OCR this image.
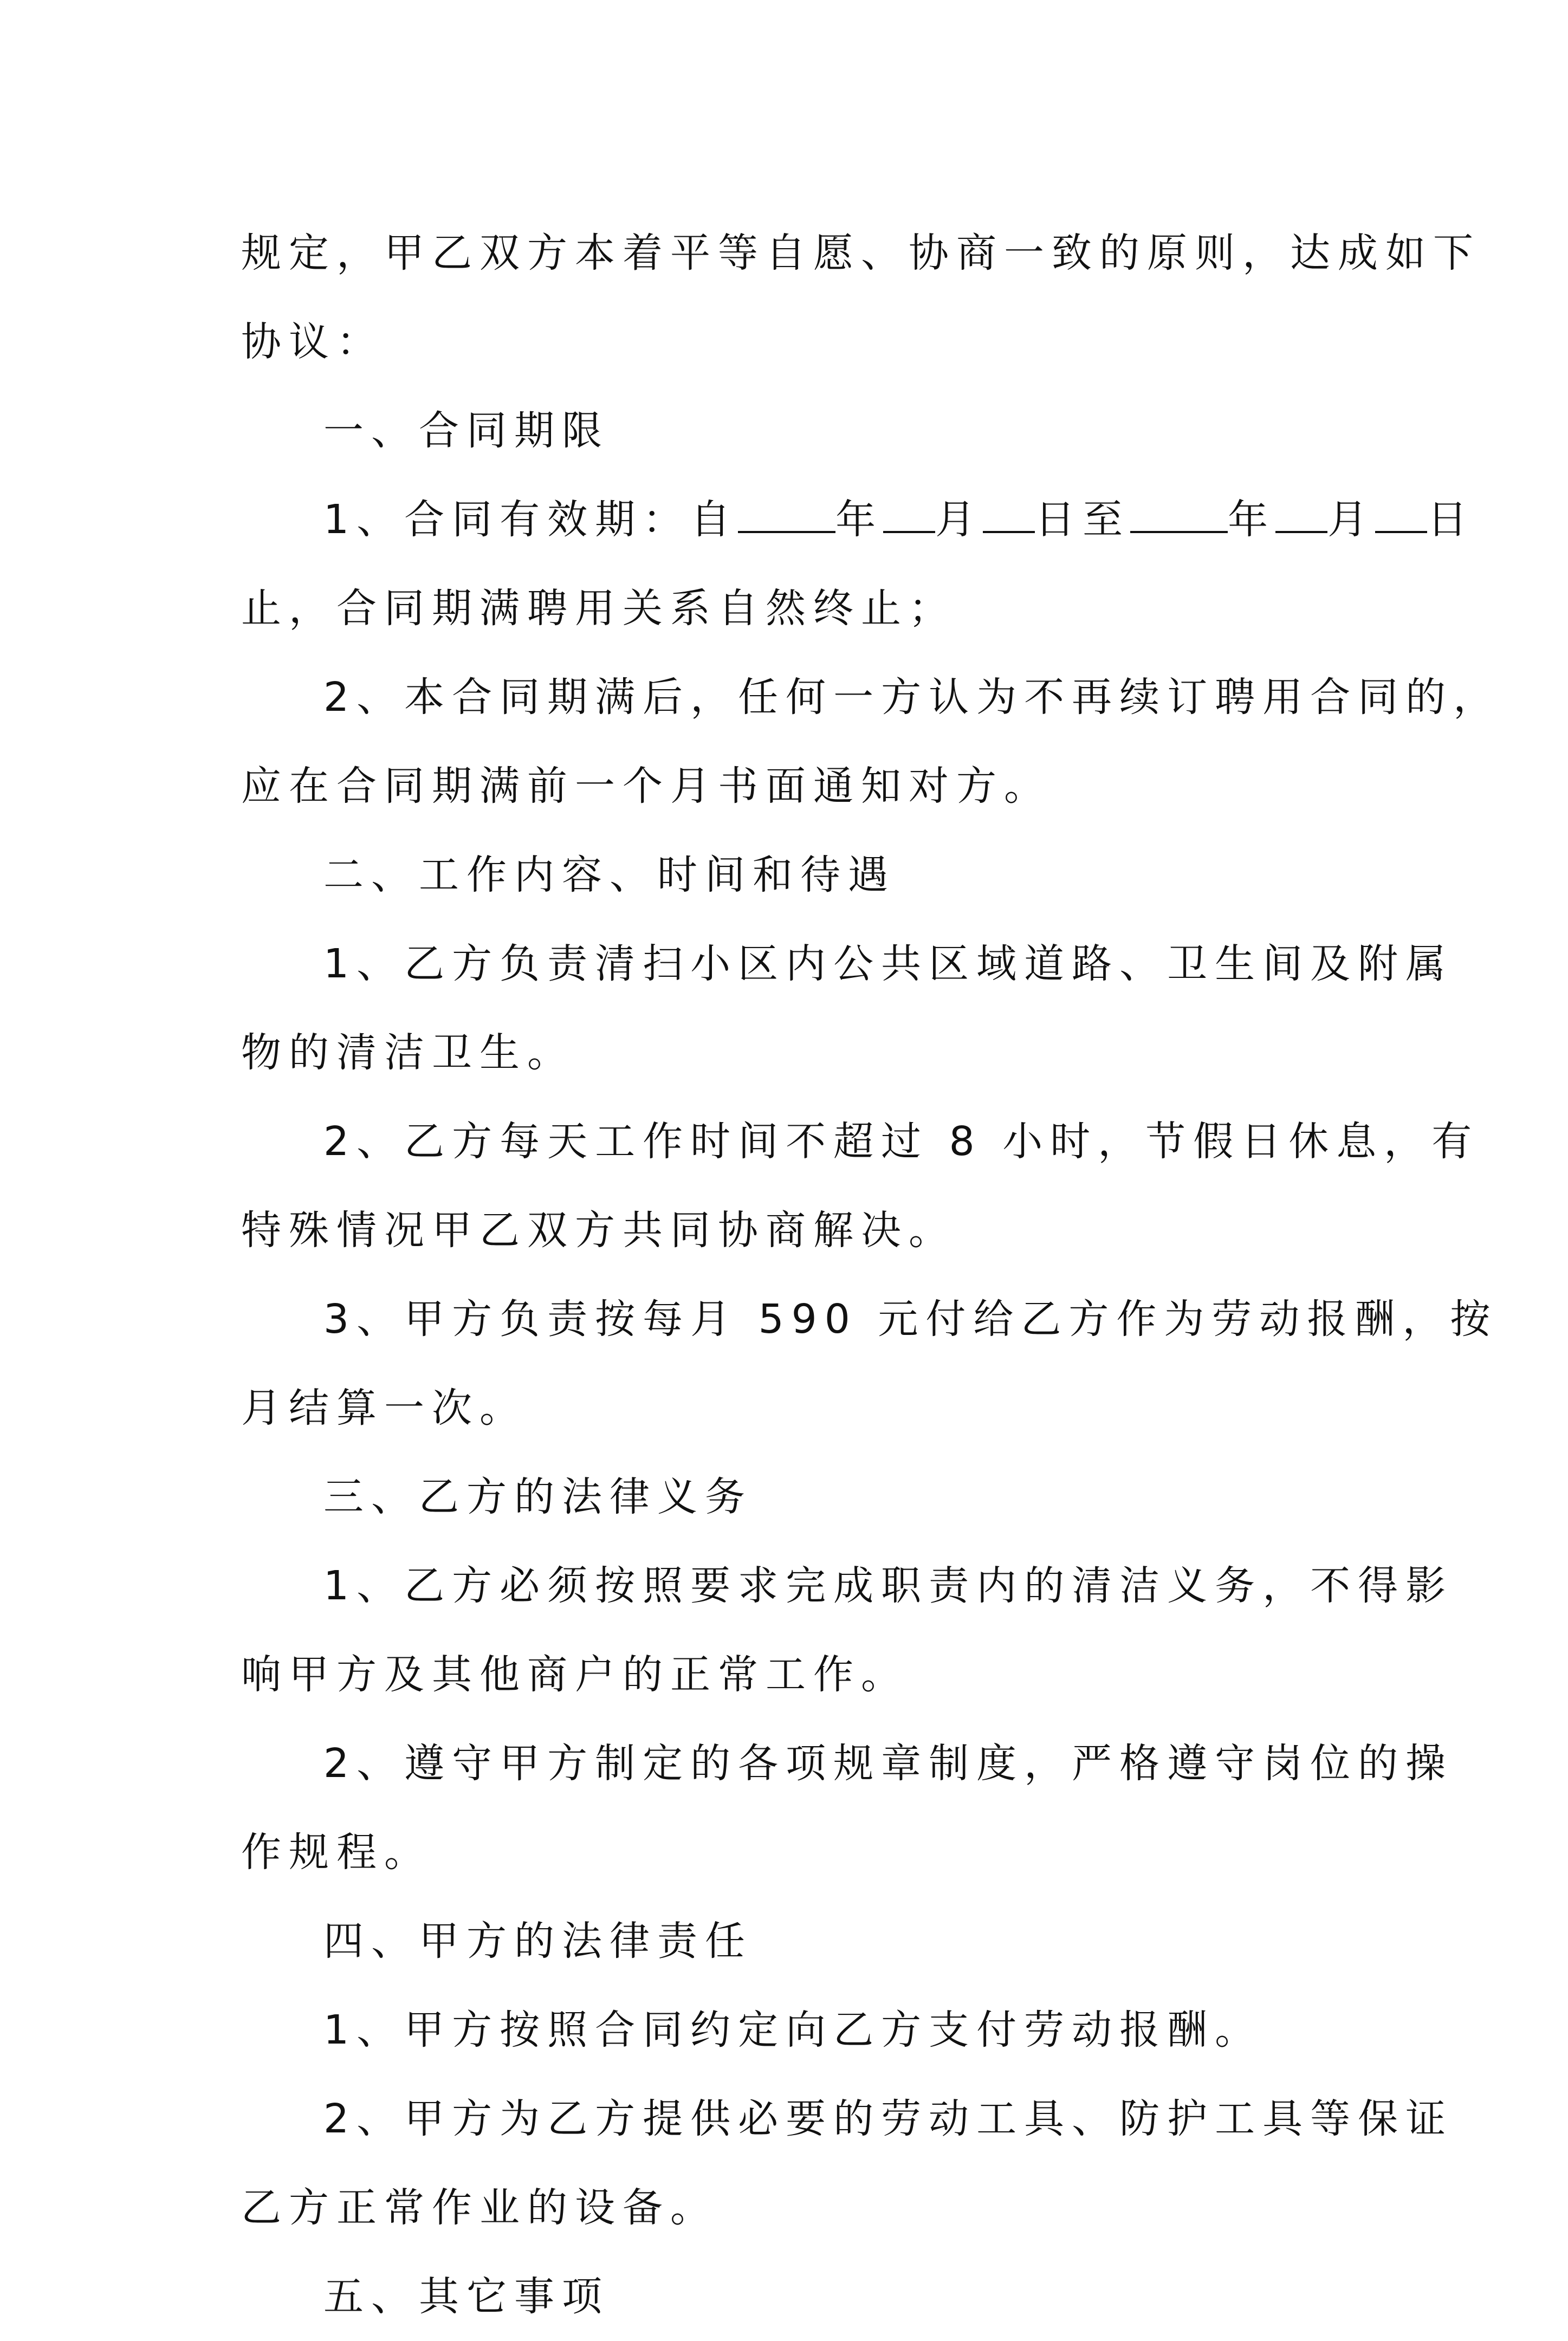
规定，甲乙双方本着平等自愿、协商一致的原则，达成如下
协议：
一、合同期限
1、合同有效期：自 年 月 日至 年 月 日
止，合同期满聘用关系自然终止；
2、本合同期满后，任何一方认为不再续订聘用合同的，
应在合同期满前一个月书面通知对方。
二、工作内容、时间和待遇
1、乙方负责清扫小区内公共区域道路、卫生间及附属
物的清洁卫生。
2、乙方每天工作时间不超过 8 小时，节假日休息，有
特殊情况甲乙双方共同协商解决。
3、甲方负责按每月 590 元付给乙方作为劳动报酬，按
月结算一次。
三、乙方的法律义务
1、乙方必须按照要求完成职责内的清洁义务，不得影
响甲方及其他商户的正常工作。
2、遵守甲方制定的各项规章制度，严格遵守岗位的操
作规程。
四、甲方的法律责任
1、甲方按照合同约定向乙方支付劳动报酬。
2、甲方为乙方提供必要的劳动工具、防护工具等保证
乙方正常作业的设备。
五、其它事项
